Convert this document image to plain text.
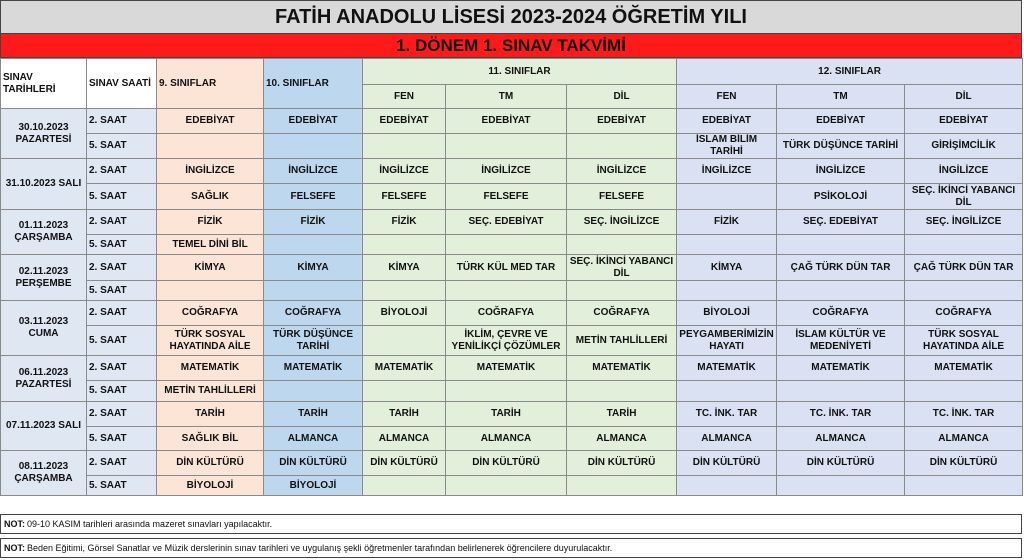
FATİH ANADOLU LİSESİ 2023-2024 ÖĞRETİM YILI
1. DÖNEM 1. SINAV TAKVİMİ
SINAV TARİHLERİ	SINAV SAATİ	9. SINIFLAR	10. SINIFLAR	11. SINIFLAR			12. SINIFLAR		
				FEN	TM	DİL	FEN	TM	DİL

30.10.2023
PAZARTESİ	2. SAAT	EDEBİYAT	EDEBİYAT	EDEBİYAT	EDEBİYAT	EDEBİYAT	EDEBİYAT	EDEBİYAT	EDEBİYAT
	5. SAAT						İSLAM BİLİM TARİHİ	TÜRK DÜŞÜNCE TARİHİ	GİRİŞİMCİLİK

31.10.2023 SALI	2. SAAT	İNGİLİZCE	İNGİLİZCE	İNGİLİZCE	İNGİLİZCE	İNGİLİZCE	İNGİLİZCE	İNGİLİZCE	İNGİLİZCE
	5. SAAT	SAĞLIK	FELSEFE	FELSEFE	FELSEFE	FELSEFE		PSİKOLOJİ	SEÇ. İKİNCİ YABANCI DİL

01.11.2023
ÇARŞAMBA	2. SAAT	FİZİK	FİZİK	FİZİK	SEÇ. EDEBİYAT	SEÇ. İNGİLİZCE	FİZİK	SEÇ. EDEBİYAT	SEÇ. İNGİLİZCE
	5. SAAT	TEMEL DİNİ BİL							

02.11.2023
PERŞEMBE	2. SAAT	KİMYA	KİMYA	KİMYA	TÜRK KÜL MED TAR	SEÇ. İKİNCİ YABANCI DİL	KİMYA	ÇAĞ TÜRK DÜN TAR	ÇAĞ TÜRK DÜN TAR
	5. SAAT								

03.11.2023
CUMA	2. SAAT	COĞRAFYA	COĞRAFYA	BİYOLOJİ	COĞRAFYA	COĞRAFYA	BİYOLOJİ	COĞRAFYA	COĞRAFYA
	5. SAAT	TÜRK SOSYAL HAYATINDA AİLE	TÜRK DÜŞÜNCE TARİHİ		İKLİM, ÇEVRE VE YENİLİKÇİ ÇÖZÜMLER	METİN TAHLİLLERİ	PEYGAMBERİMİZİN HAYATI	İSLAM KÜLTÜR VE MEDENİYETİ	TÜRK SOSYAL HAYATINDA AİLE

06.11.2023
PAZARTESİ	2. SAAT	MATEMATİK	MATEMATİK	MATEMATİK	MATEMATİK	MATEMATİK	MATEMATİK	MATEMATİK	MATEMATİK
	5. SAAT	METİN TAHLİLLERİ							

07.11.2023 SALI	2. SAAT	TARİH	TARİH	TARİH	TARİH	TARİH	TC. İNK. TAR	TC. İNK. TAR	TC. İNK. TAR
	5. SAAT	SAĞLIK BİL	ALMANCA	ALMANCA	ALMANCA	ALMANCA	ALMANCA	ALMANCA	ALMANCA

08.11.2023
ÇARŞAMBA	2. SAAT	DİN KÜLTÜRÜ	DİN KÜLTÜRÜ	DİN KÜLTÜRÜ	DİN KÜLTÜRÜ	DİN KÜLTÜRÜ	DİN KÜLTÜRÜ	DİN KÜLTÜRÜ	DİN KÜLTÜRÜ
	5. SAAT	BİYOLOJİ	BİYOLOJİ						
NOT: 09-10 KASIM tarihleri arasında mazeret sınavları yapılacaktır.
NOT: Beden Eğitimi, Görsel Sanatlar ve Müzik derslerinin sınav tarihleri ve uygulanış şekli öğretmenler tarafından belirlenerek öğrencilere duyurulacaktır.
